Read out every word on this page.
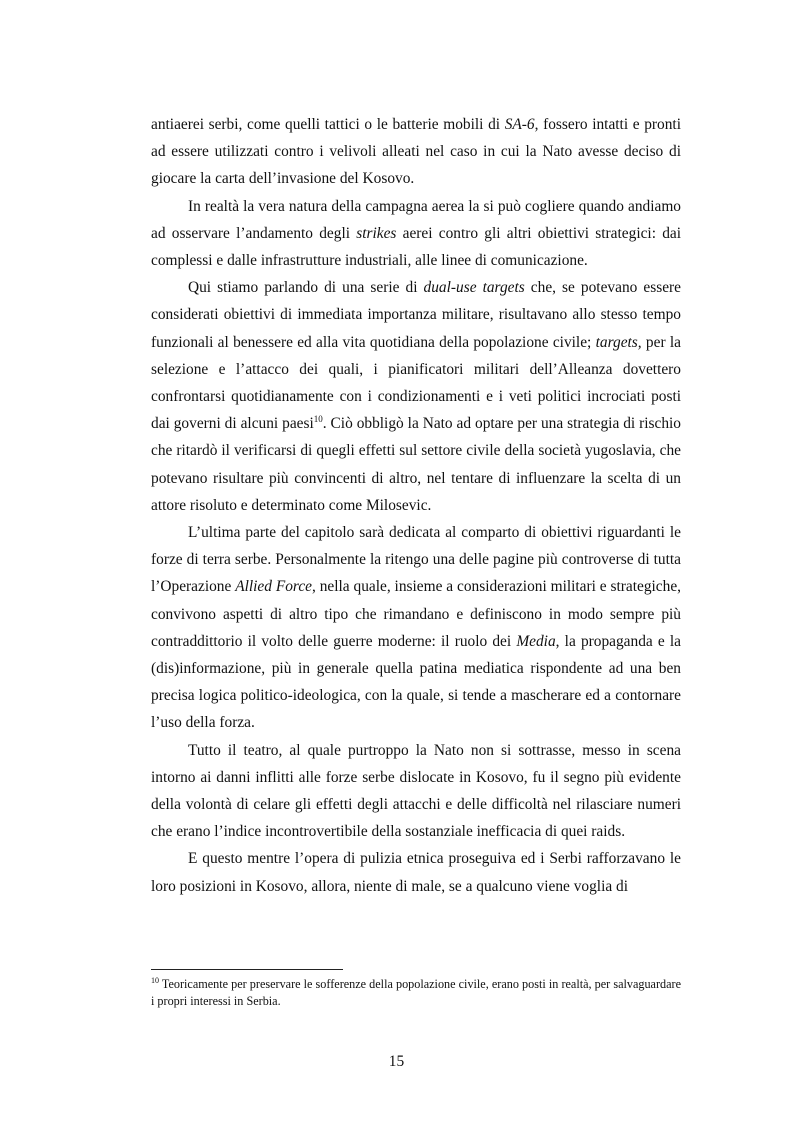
antiaerei serbi, come quelli tattici o le batterie mobili di SA-6, fossero intatti e pronti ad essere utilizzati contro i velivoli alleati nel caso in cui la Nato avesse deciso di giocare la carta dell’invasione del Kosovo.

In realtà la vera natura della campagna aerea la si può cogliere quando andiamo ad osservare l’andamento degli strikes aerei contro gli altri obiettivi strategici: dai complessi e dalle infrastrutture industriali, alle linee di comunicazione.

Qui stiamo parlando di una serie di dual-use targets che, se potevano essere considerati obiettivi di immediata importanza militare, risultavano allo stesso tempo funzionali al benessere ed alla vita quotidiana della popolazione civile; targets, per la selezione e l’attacco dei quali, i pianificatori militari dell’Alleanza dovettero confrontarsi quotidianamente con i condizionamenti e i veti politici incrociati posti dai governi di alcuni paesi$^{10}$. Ciò obbligò la Nato ad optare per una strategia di rischio che ritardò il verificarsi di quegli effetti sul settore civile della società yugoslavia, che potevano risultare più convincenti di altro, nel tentare di influenzare la scelta di un attore risoluto e determinato come Milosevic.

L’ultima parte del capitolo sarà dedicata al comparto di obiettivi riguardanti le forze di terra serbe. Personalmente la ritengo una delle pagine più controverse di tutta l’Operazione Allied Force, nella quale, insieme a considerazioni militari e strategiche, convivono aspetti di altro tipo che rimandano e definiscono in modo sempre più contraddittorio il volto delle guerre moderne: il ruolo dei Media, la propaganda e la (dis)informazione, più in generale quella patina mediatica rispondente ad una ben precisa logica politico-ideologica, con la quale, si tende a mascherare ed a contornare l’uso della forza.

Tutto il teatro, al quale purtroppo la Nato non si sottrasse, messo in scena intorno ai danni inflitti alle forze serbe dislocate in Kosovo, fu il segno più evidente della volontà di celare gli effetti degli attacchi e delle difficoltà nel rilasciare numeri che erano l’indice incontrovertibile della sostanziale inefficacia di quei raids.

E questo mentre l’opera di pulizia etnica proseguiva ed i Serbi rafforzavano le loro posizioni in Kosovo, allora, niente di male, se a qualcuno viene voglia di

$^{10}$ Teoricamente per preservare le sofferenze della popolazione civile, erano posti in realtà, per salvaguardare i propri interessi in Serbia.
15
